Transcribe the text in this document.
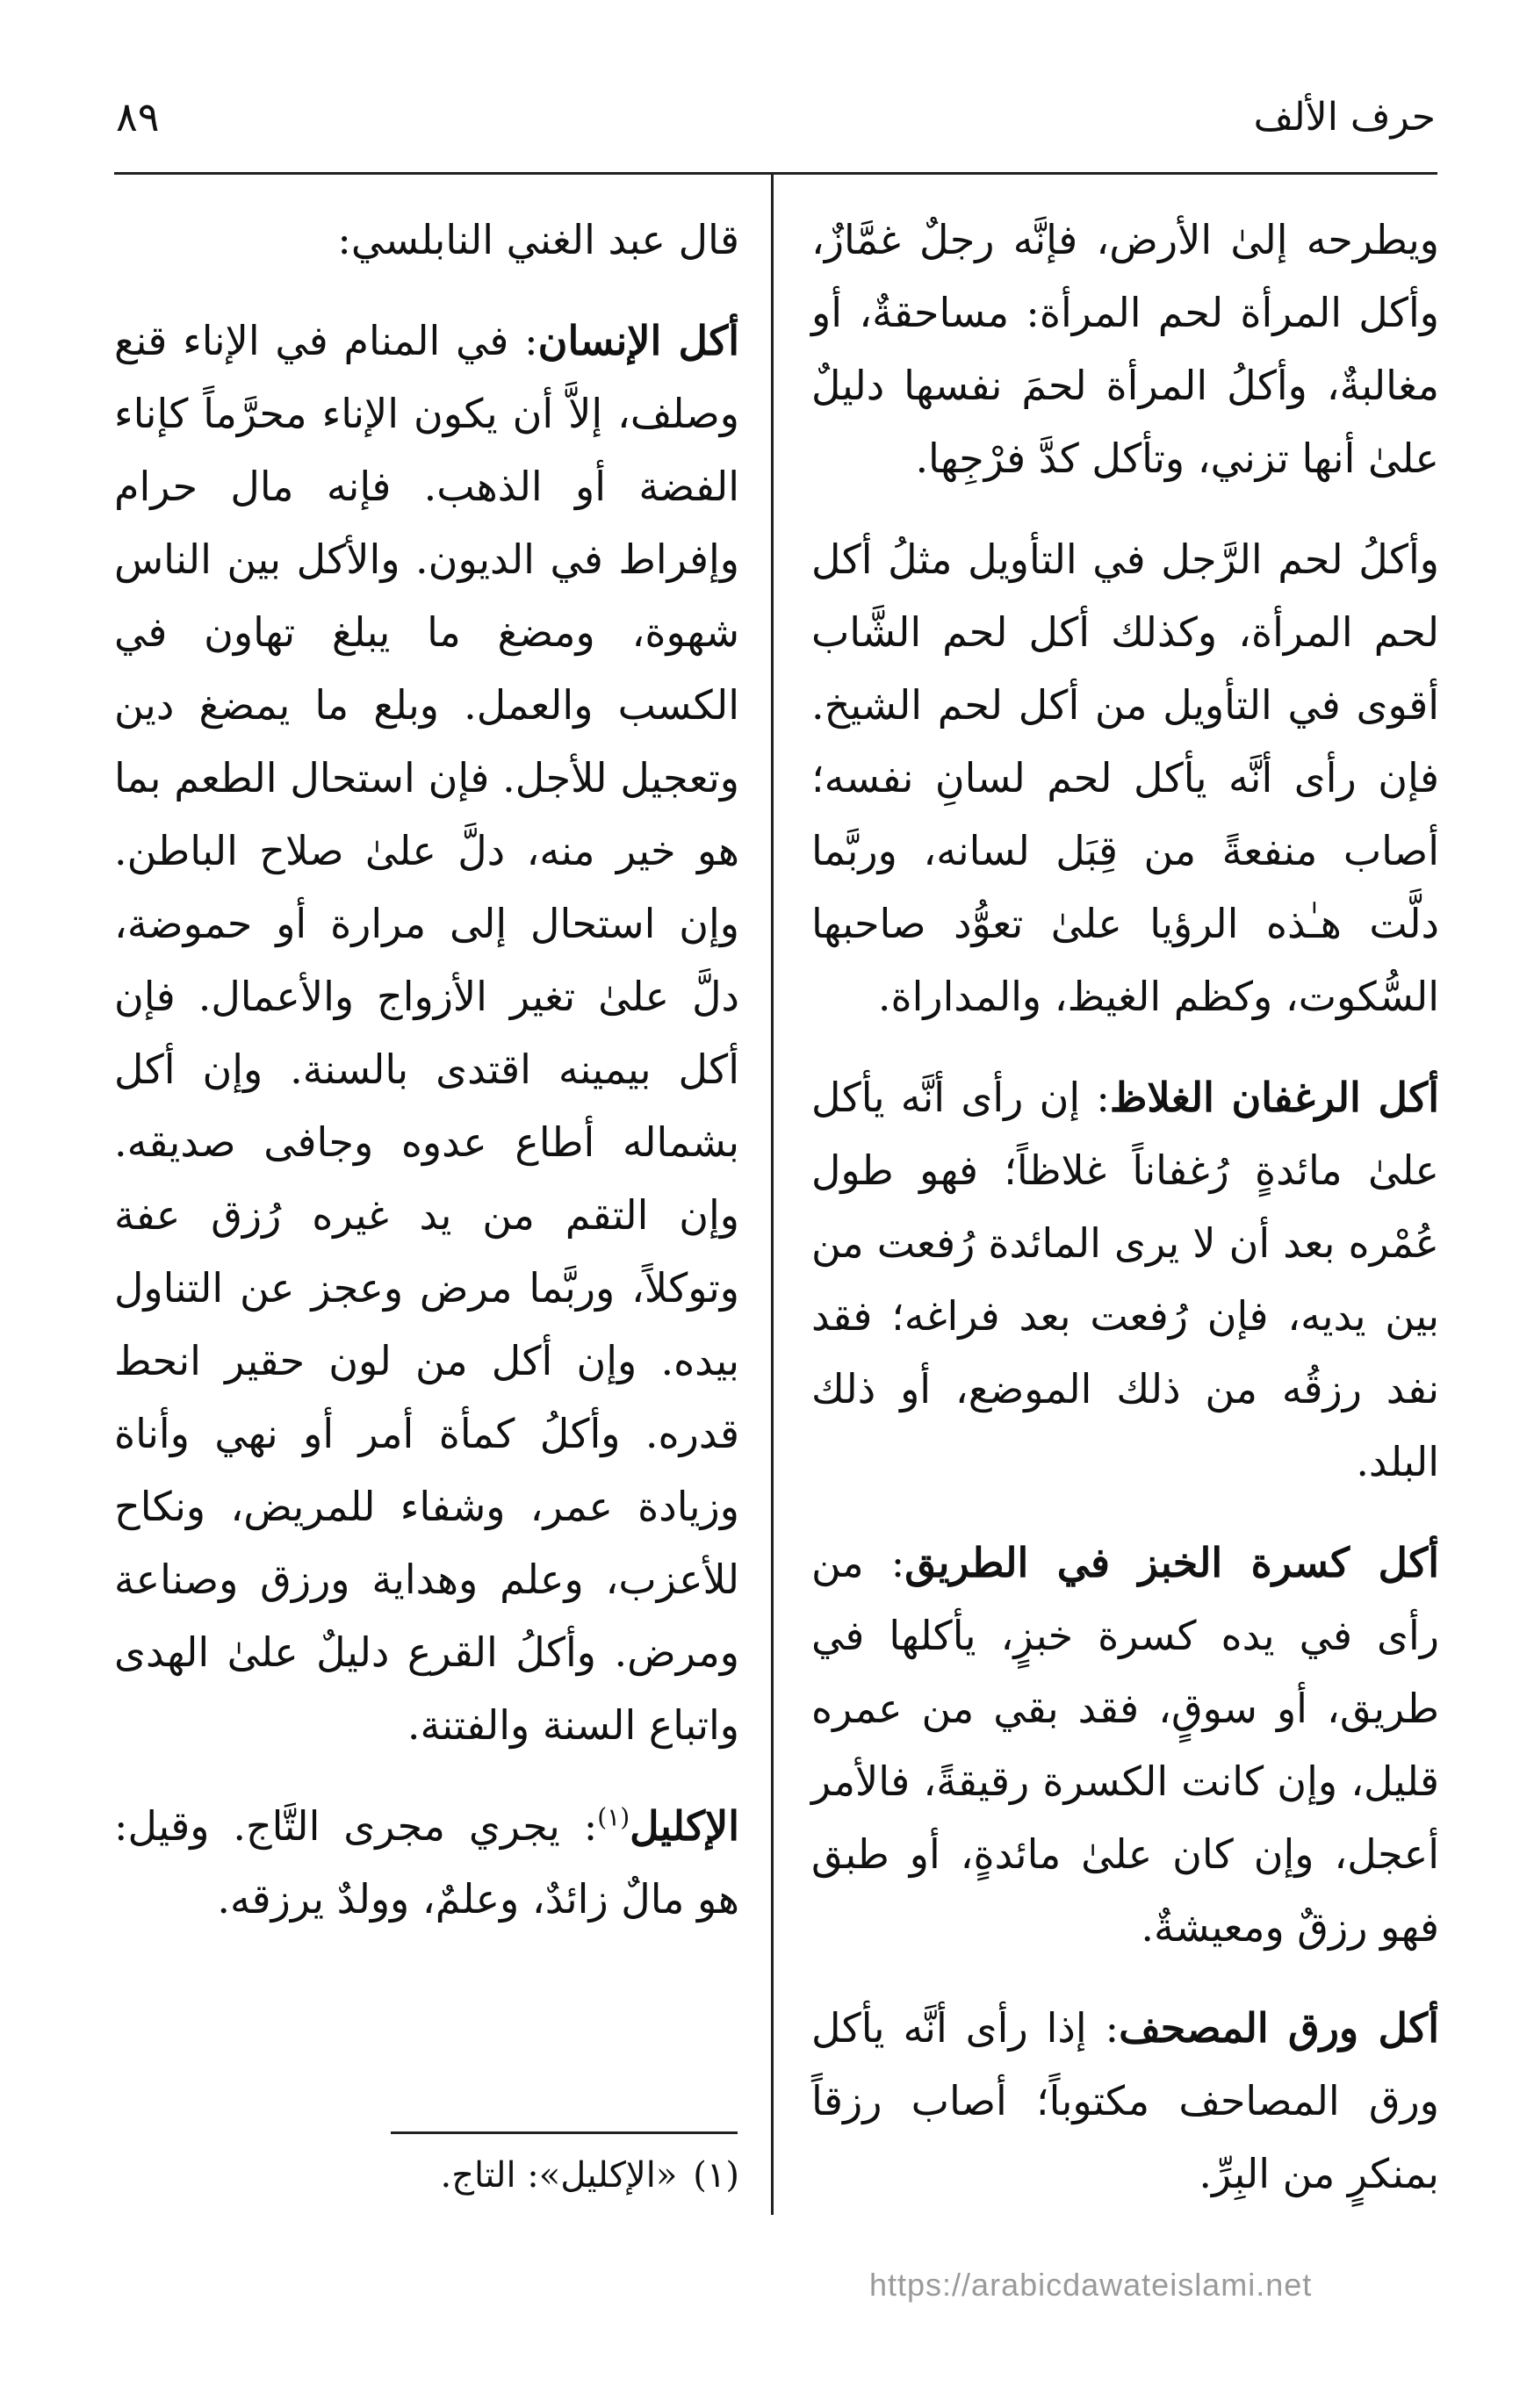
حرف الألف
٨٩

ويطرحه إلىٰ الأرض، فإنَّه رجلٌ غمَّازٌ، وأكل المرأة لحم المرأة: مساحقةٌ، أو مغالبةٌ، وأكلُ المرأة لحمَ نفسها دليلٌ علىٰ أنها تزني، وتأكل كدَّ فرْجِها.

وأكلُ لحم الرَّجل في التأويل مثلُ أكل لحم المرأة، وكذلك أكل لحم الشَّاب أقوى في التأويل من أكل لحم الشيخ. فإن رأى أنَّه يأكل لحم لسانِ نفسه؛ أصاب منفعةً من قِبَل لسانه، وربَّما دلَّت هـٰذه الرؤيا علىٰ تعوُّد صاحبها السُّكوت، وكظم الغيظ، والمداراة.

أكل الرغفان الغلاظ: إن رأى أنَّه يأكل علىٰ مائدةٍ رُغفاناً غلاظاً؛ فهو طول عُمْره بعد أن لا يرى المائدة رُفعت من بين يديه، فإن رُفعت بعد فراغه؛ فقد نفد رزقُه من ذلك الموضع، أو ذلك البلد.

أكل كسرة الخبز في الطريق: من رأى في يده كسرة خبزٍ، يأكلها في طريق، أو سوقٍ، فقد بقي من عمره قليل، وإن كانت الكسرة رقيقةً، فالأمر أعجل، وإن كان علىٰ مائدةٍ، أو طبق فهو رزقٌ ومعيشةٌ.

أكل ورق المصحف: إذا رأى أنَّه يأكل ورق المصاحف مكتوباً؛ أصاب رزقاً بمنكرٍ من البِرِّ.

قال عبد الغني النابلسي:

أكل الإنسان: في المنام في الإناء قنع وصلف، إلاَّ أن يكون الإناء محرَّماً كإناء الفضة أو الذهب. فإنه مال حرام وإفراط في الديون. والأكل بين الناس شهوة، ومضغ ما يبلغ تهاون في الكسب والعمل. وبلع ما يمضغ دين وتعجيل للأجل. فإن استحال الطعم بما هو خير منه، دلَّ علىٰ صلاح الباطن. وإن استحال إلى مرارة أو حموضة، دلَّ علىٰ تغير الأزواج والأعمال. فإن أكل بيمينه اقتدى بالسنة. وإن أكل بشماله أطاع عدوه وجافى صديقه. وإن التقم من يد غيره رُزق عفة وتوكلاً، وربَّما مرض وعجز عن التناول بيده. وإن أكل من لون حقير انحط قدره. وأكلُ كمأة أمر أو نهي وأناة وزيادة عمر، وشفاء للمريض، ونكاح للأعزب، وعلم وهداية ورزق وصناعة ومرض. وأكلُ القرع دليلٌ علىٰ الهدى واتباع السنة والفتنة.

الإكليل$^{(١)}$: يجري مجرى التَّاج. وقيل: هو مالٌ زائدٌ، وعلمٌ، وولدٌ يرزقه.

(١)«الإكليل»: التاج.
https://arabicdawateislami.net
